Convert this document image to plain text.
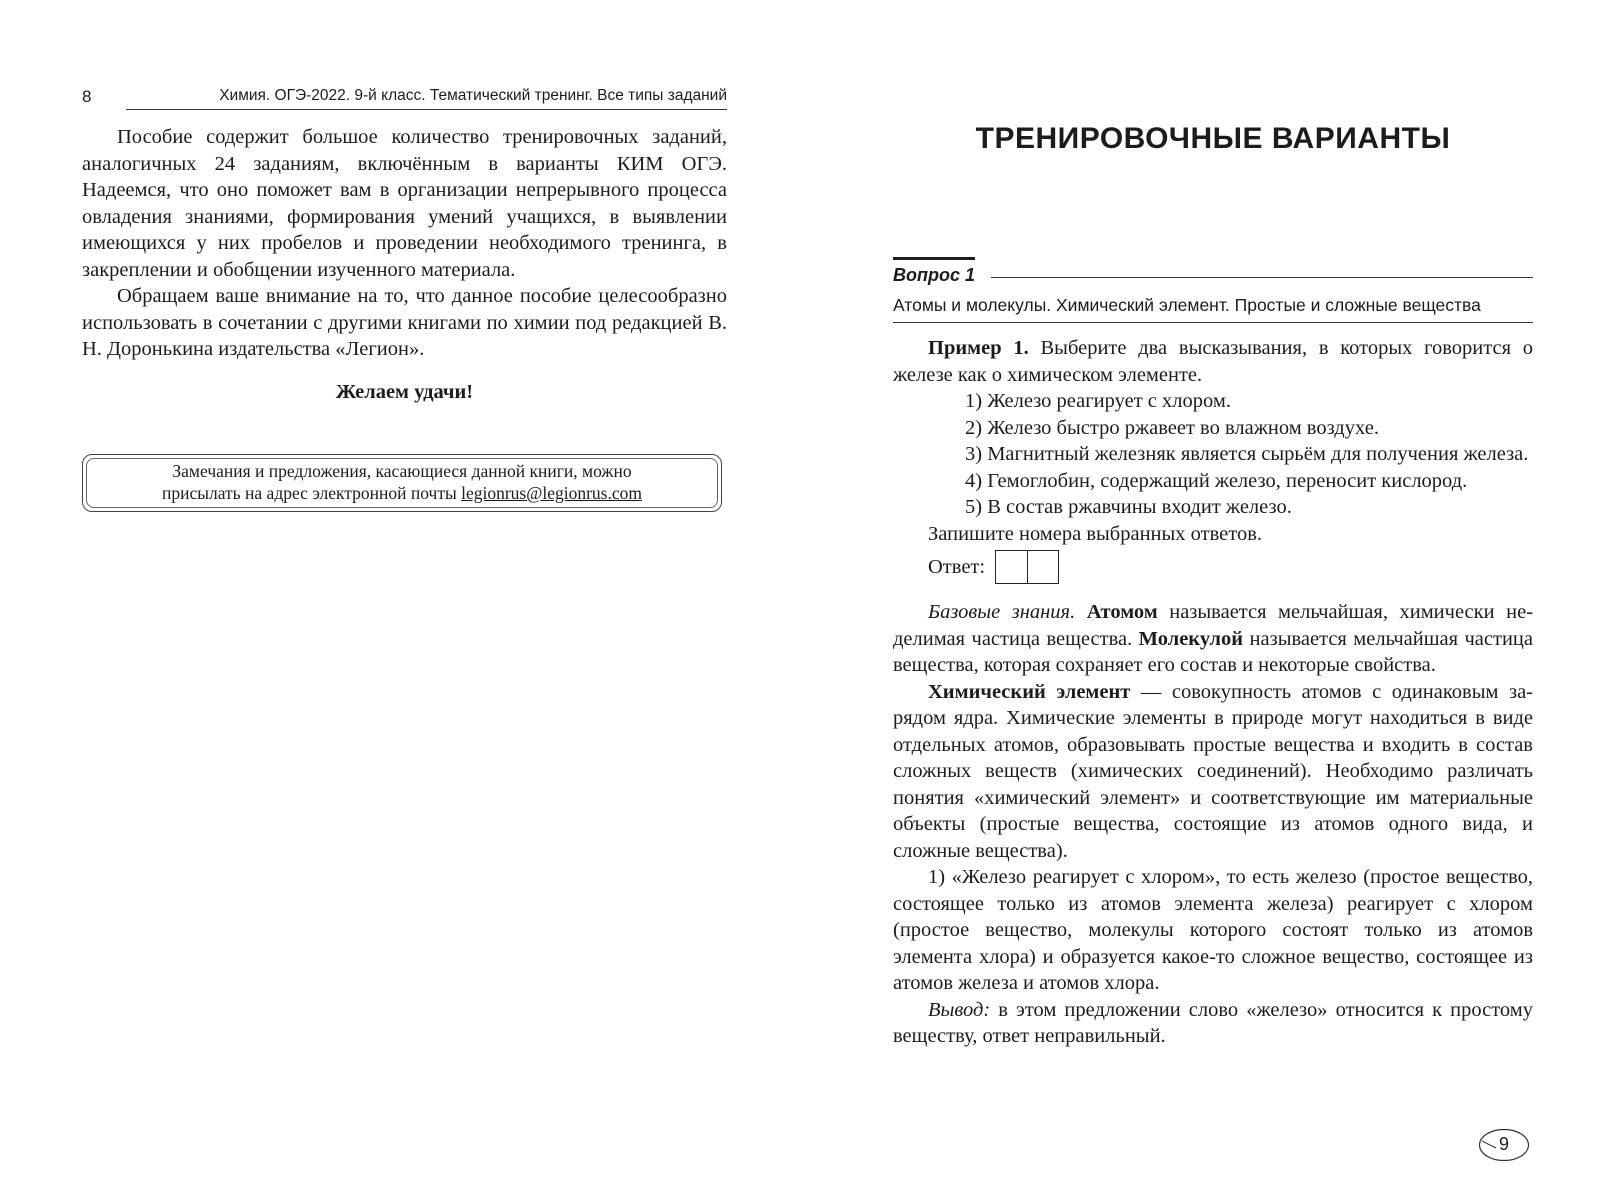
8	Химия. ОГЭ-2022. 9-й класс. Тематический тренинг. Все типы заданий

Пособие содержит большое количество тренировочных заданий, аналогичных 24 заданиям, включённым в варианты КИМ ОГЭ. Надеемся, что оно поможет вам в организации непрерывного процесса овладения знаниями, формирования умений учащихся, в выявлении имеющихся у них пробелов и проведении необходимого тренинга, в закреплении и обобщении изученного материала.

Обращаем ваше внимание на то, что данное пособие целесообразно использовать в сочетании с другими книгами по химии под редакцией В. Н. Доронькина издательства «Легион».

Желаем удачи!
Замечания и предложения, касающиеся данной книги, можно
присылать на адрес электронной почты legionrus@legionrus.com
ТРЕНИРОВОЧНЫЕ ВАРИАНТЫ
Вопрос 1
Атомы и молекулы. Химический элемент. Простые и сложные вещества

Пример 1. Выберите два высказывания, в которых говорится о железе как о химическом элементе.

1) Железо реагирует с хлором.
2) Железо быстро ржавеет во влажном воздухе.
3) Магнитный железняк является сырьём для получения железа.
4) Гемоглобин, содержащий железо, переносит кислород.
5) В состав ржавчины входит железо.
Запишите номера выбранных ответов.
Ответ:

Базовые знания. Атомом называется мельчайшая, химически неделимая частица вещества. Молекулой называется мельчайшая частица вещества, которая сохраняет его состав и некоторые свойства.

Химический элемент — совокупность атомов с одинаковым зарядом ядра. Химические элементы в природе могут находиться в виде отдельных атомов, образовывать простые вещества и входить в состав сложных веществ (химических соединений). Необходимо различать понятия «химический элемент» и соответствующие им материальные объекты (простые вещества, состоящие из атомов одного вида, и сложные вещества).

1) «Железо реагирует с хлором», то есть железо (простое вещество, состоящее только из атомов элемента железа) реагирует с хлором (простое вещество, молекулы которого состоят только из атомов элемента хлора) и образуется какое-то сложное вещество, состоящее из атомов железа и атомов хлора.

Вывод: в этом предложении слово «железо» относится к простому веществу, ответ неправильный.

9
